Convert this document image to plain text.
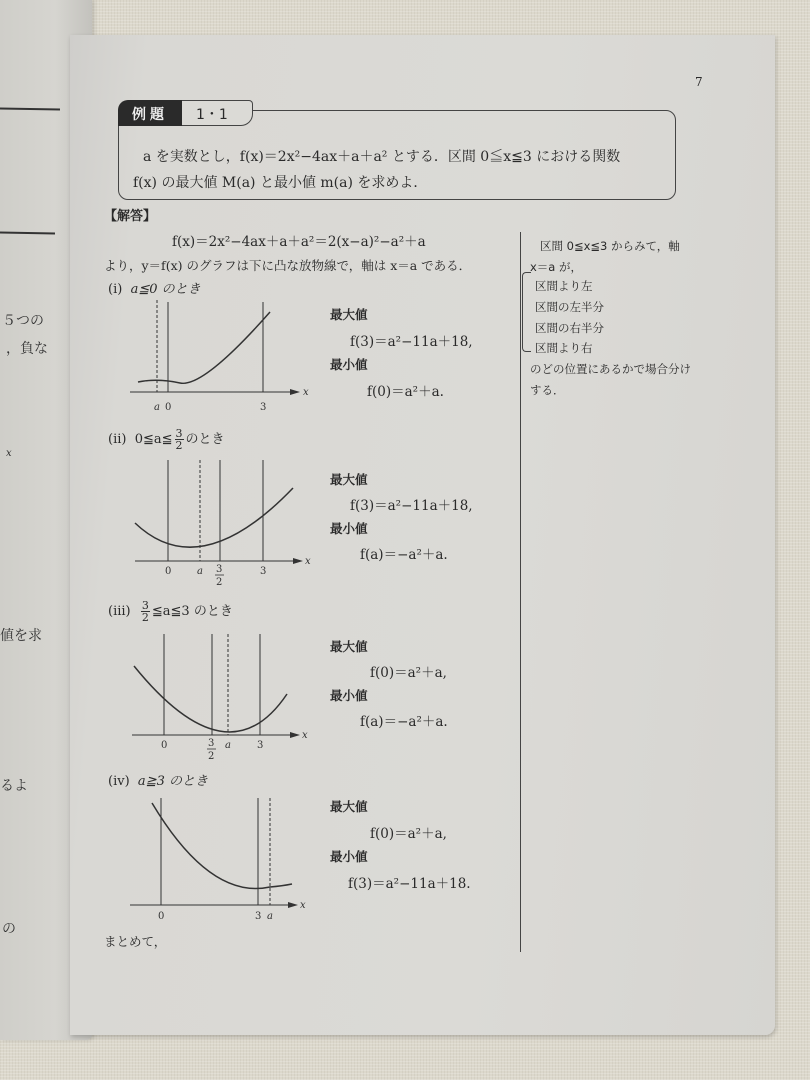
５つの
，負な
x
値を求
るよ
の
7
例題	1・1
a を実数とし，f(x)＝2x²−4ax＋a＋a² とする．区間 0≦x≦3 における関数
f(x) の最大値 M(a) と最小値 m(a) を求めよ．
【解答】
f(x)＝2x²−4ax＋a＋a²＝2(x−a)²−a²＋a
より，y＝f(x) のグラフは下に凸な放物線で，軸は x＝a である．
(i) a≦0 のとき
a 0	3
x
最大値
f(3)＝a²−11a＋18,
最小値
f(0)＝a²＋a.
(ii) 0≦a≦ $\frac{3}{2}$ のとき
0	a 3
2
3
x
最大値
f(3)＝a²−11a＋18,
最小値
f(a)＝−a²＋a.
$(iii) \frac{3}{2}$ ≦a≦3 のとき
0	3
2
a	3
x
最大値
f(0)＝a²＋a,
最小値
f(a)＝−a²＋a.
(iv) a≧3 のとき
0	3 a
x
最大値
f(0)＝a²＋a,
最小値
f(3)＝a²−11a＋18.
まとめて，
区間 0≦x≦3 からみて，軸
x＝a が，
区間より左
区間の左半分
区間の右半分
区間より右
のどの位置にあるかで場合分け
する．
